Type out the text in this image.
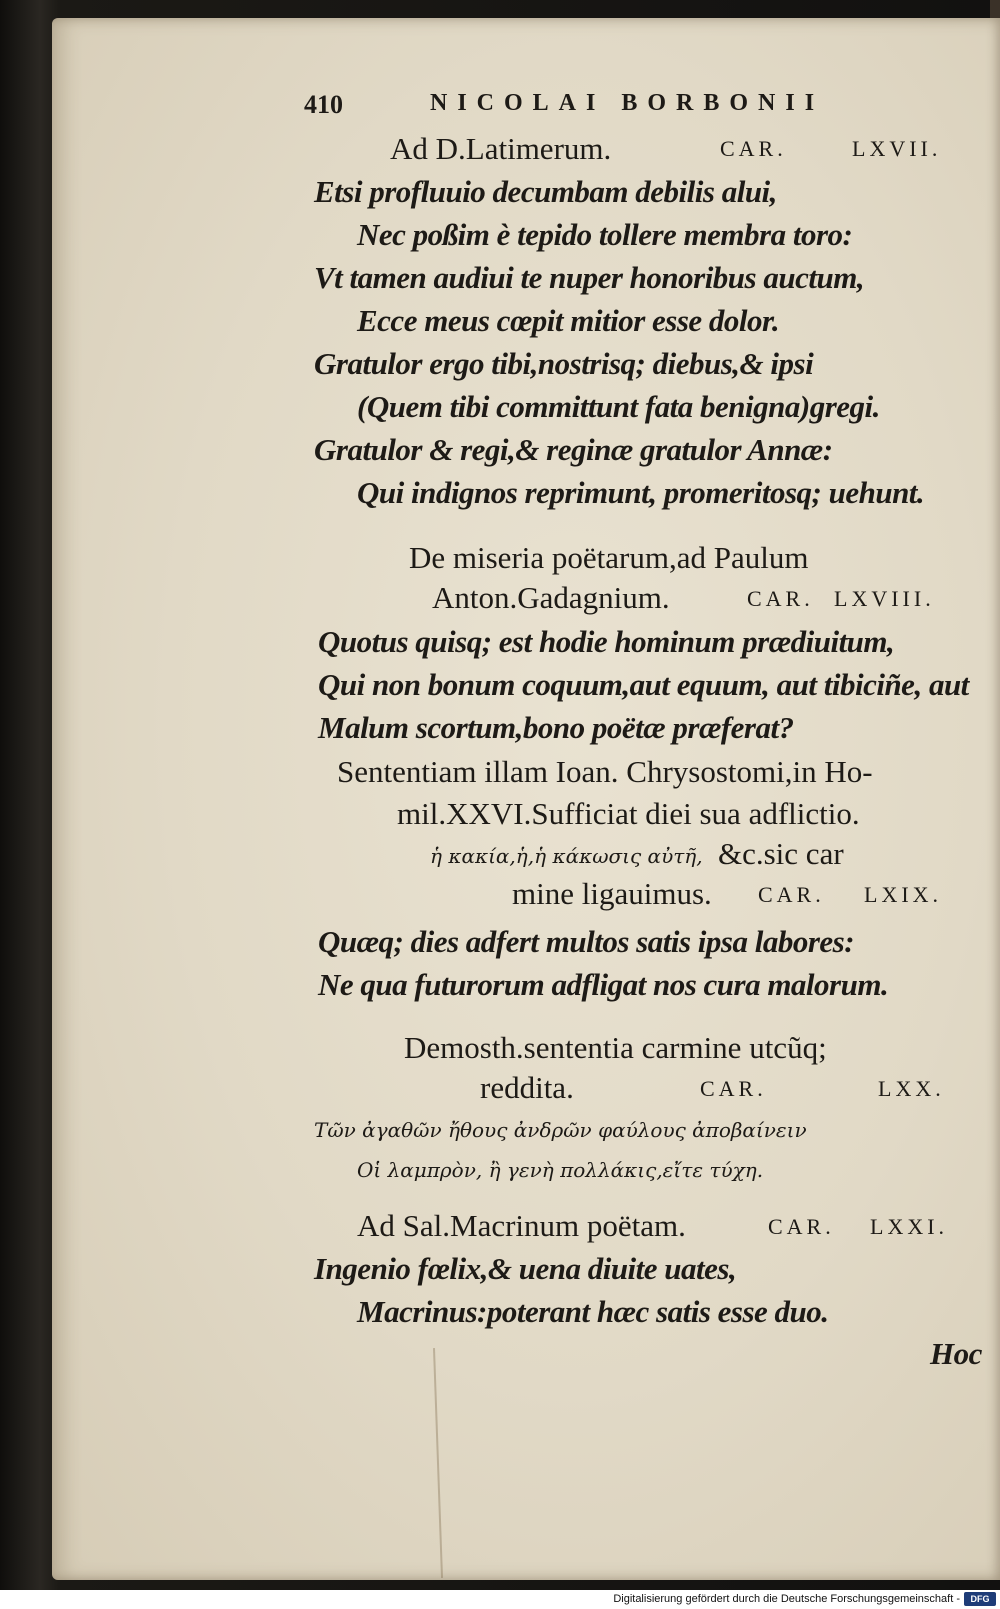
410	NICOLAI BORBONII
Ad D.Latimerum.	CAR.	LXVII.
Etsi profluuio decumbam debilis alui,
Nec poßim è tepido tollere membra toro:
Vt tamen audiui te nuper honoribus auctum,
Ecce meus cœpit mitior esse dolor.
Gratulor ergo tibi,nostrisq; diebus,& ipsi
(Quem tibi committunt fata benigna)gregi.
Gratulor & regi,& reginæ gratulor Annæ:
Qui indignos reprimunt, promeritosq; uehunt.
De miseria poëtarum,ad Paulum
Anton.Gadagnium.	CAR. LXVIII.
Quotus quisq; est hodie hominum prædiuitum,
Qui non bonum coquum,aut equum, aut tibiciñe, aut
Malum scortum,bono poëtæ præferat?
Sententiam illam Ioan. Chrysostomi,in Ho-
mil.XXVI.Sufficiat diei sua adflictio.
ἡ κακία,ἡ,ἡ κάκωσις αὐτῆ, &c.sic car
mine ligauimus. CAR. LXIX.
Quæq; dies adfert multos satis ipsa labores:
Ne qua futurorum adfligat nos cura malorum.
Demosth.sententia carmine utcũq;
reddita.	CAR.	LXX.
Τῶν ἀγαθῶν ἤθους ἀνδρῶν φαύλους ἀποβαίνειν
Οἱ λαμπρὸν, ἢ γενὴ πολλάκις,εἴτε τύχη.
Ad Sal.Macrinum poëtam.	CAR. LXXI.
Ingenio fœlix,& uena diuite uates,
Macrinus:poterant hæc satis esse duo.
Hoc
Digitalisierung gefördert durch die Deutsche Forschungsgemeinschaft -	DFG
